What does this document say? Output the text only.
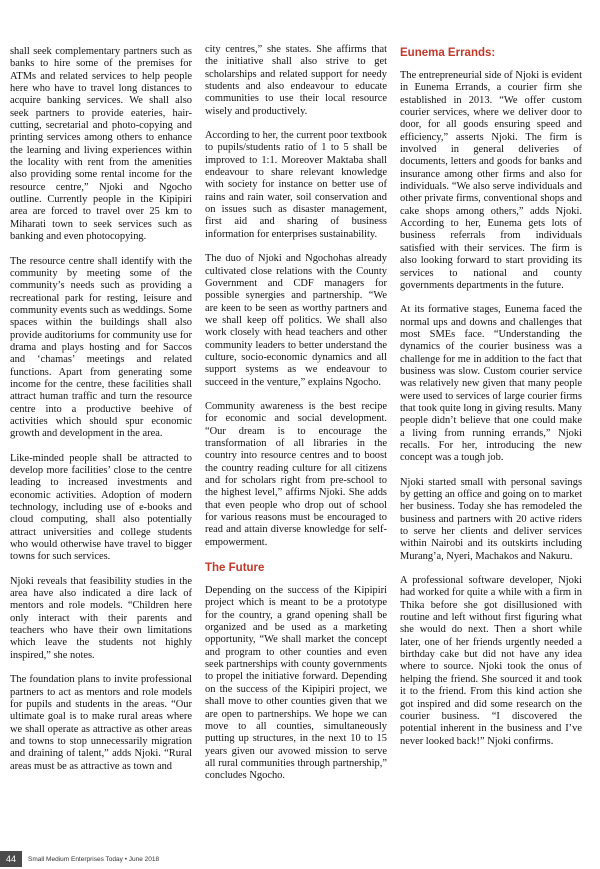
shall seek complementary partners such as banks to hire some of the premises for ATMs and related services to help people here who have to travel long distances to acquire banking services. We shall also seek partners to provide eateries, hair-cutting, secretarial and photo-copying and printing services among others to enhance the learning and living experiences within the locality with rent from the amenities also providing some rental income for the resource centre,” Njoki and Ngocho outline. Currently people in the Kipipiri area are forced to travel over 25 km to Miharati town to seek services such as banking and even photocopying.

The resource centre shall identify with the community by meeting some of the community’s needs such as providing a recreational park for resting, leisure and community events such as weddings. Some spaces within the buildings shall also provide auditoriums for community use for drama and plays hosting and for Saccos and ‘chamas’ meetings and related functions. Apart from generating some income for the centre, these facilities shall attract human traffic and turn the resource centre into a productive beehive of activities which should spur economic growth and development in the area.

Like-minded people shall be attracted to develop more facilities’ close to the centre leading to increased investments and economic activities. Adoption of modern technology, including use of e-books and cloud computing, shall also potentially attract universities and college students who would otherwise have travel to bigger towns for such services.

Njoki reveals that feasibility studies in the area have also indicated a dire lack of mentors and role models. “Children here only interact with their parents and teachers who have their own limitations which leave the students not highly inspired,” she notes.

The foundation plans to invite professional partners to act as mentors and role models for pupils and students in the areas. “Our ultimate goal is to make rural areas where we shall operate as attractive as other areas and towns to stop unnecessarily migration and draining of talent,” adds Njoki. “Rural areas must be as attractive as town and

city centres,” she states. She affirms that the initiative shall also strive to get scholarships and related support for needy students and also endeavour to educate communities to use their local resource wisely and productively.

According to her, the current poor textbook to pupils/students ratio of 1 to 5 shall be improved to 1:1. Moreover Maktaba shall endeavour to share relevant knowledge with society for instance on better use of rains and rain water, soil conservation and on issues such as disaster management, first aid and sharing of business information for enterprises sustainability.

The duo of Njoki and Ngochohas already cultivated close relations with the County Government and CDF managers for possible synergies and partnership. “We are keen to be seen as worthy partners and we shall keep off politics. We shall also work closely with head teachers and other community leaders to better understand the culture, socio-economic dynamics and all support systems as we endeavour to succeed in the venture,” explains Ngocho.

Community awareness is the best recipe for economic and social development. “Our dream is to encourage the transformation of all libraries in the country into resource centres and to boost the country reading culture for all citizens and for scholars right from pre-school to the highest level,” affirms Njoki. She adds that even people who drop out of school for various reasons must be encouraged to read and attain diverse knowledge for self-empowerment.

The Future

Depending on the success of the Kipipiri project which is meant to be a prototype for the country, a grand opening shall be organized and be used as a marketing opportunity, “We shall market the concept and program to other counties and even seek partnerships with county governments to propel the initiative forward. Depending on the success of the Kipipiri project, we shall move to other counties given that we are open to partnerships. We hope we can move to all counties, simultaneously putting up structures, in the next 10 to 15 years given our avowed mission to serve all rural communities through partnership,” concludes Ngocho.

Eunema Errands:

The entrepreneurial side of Njoki is evident in Eunema Errands, a courier firm she established in 2013. “We offer custom courier services, where we deliver door to door, for all goods ensuring speed and efficiency,” asserts Njoki. The firm is involved in general deliveries of documents, letters and goods for banks and insurance among other firms and also for individuals. “We also serve individuals and other private firms, conventional shops and cake shops among others,” adds Njoki. According to her, Eunema gets lots of business referrals from individuals satisfied with their services. The firm is also looking forward to start providing its services to national and county governments departments in the future.

At its formative stages, Eunema faced the normal ups and downs and challenges that most SMEs face. “Understanding the dynamics of the courier business was a challenge for me in addition to the fact that business was slow. Custom courier service was relatively new given that many people were used to services of large courier firms that took quite long in giving results. Many people didn’t believe that one could make a living from running errands,” Njoki recalls. For her, introducing the new concept was a tough job.

Njoki started small with personal savings by getting an office and going on to market her business. Today she has remodeled the business and partners with 20 active riders to serve her clients and deliver services within Nairobi and its outskirts including Murang’a, Nyeri, Machakos and Nakuru.

A professional software developer, Njoki had worked for quite a while with a firm in Thika before she got disillusioned with routine and left without first figuring what she would do next. Then a short while later, one of her friends urgently needed a birthday cake but did not have any idea where to source. Njoki took the onus of helping the friend. She sourced it and took it to the friend. From this kind action she got inspired and did some research on the courier business. “I discovered the potential inherent in the business and I’ve never looked back!” Njoki confirms.

44	Small Medium Enterprises Today • June 2018
